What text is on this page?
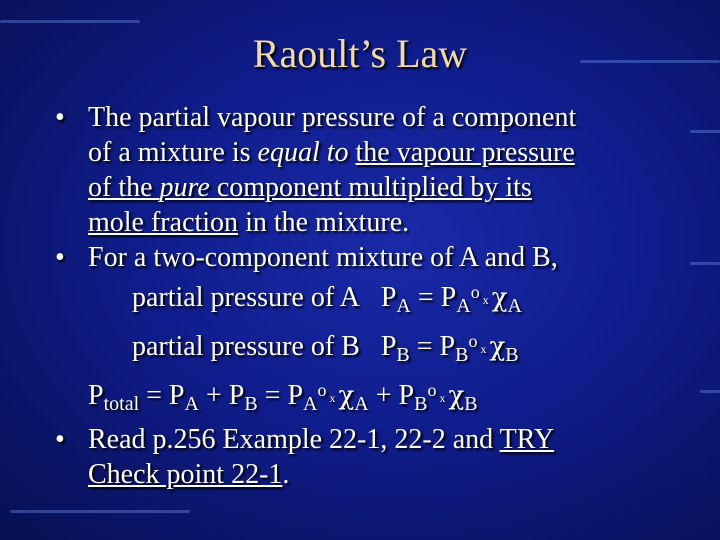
Raoult’s Law
• The partial vapour pressure of a component
of a mixture is equal to the vapour pressure
of the pure component multiplied by its
mole fraction in the mixture.
• For a two-component mixture of A and B,
partial pressure of A $P_A = P_A^o$ x $\chi_A$
partial pressure of B $P_B = P_B^o$ x $\chi_B$
$P_{total} = P_A + P_B = P_A^o$ x $\chi_A + P_B^o$ x $\chi_B$
• Read p.256 Example 22-1, 22-2 and TRY
Check point 22-1.
